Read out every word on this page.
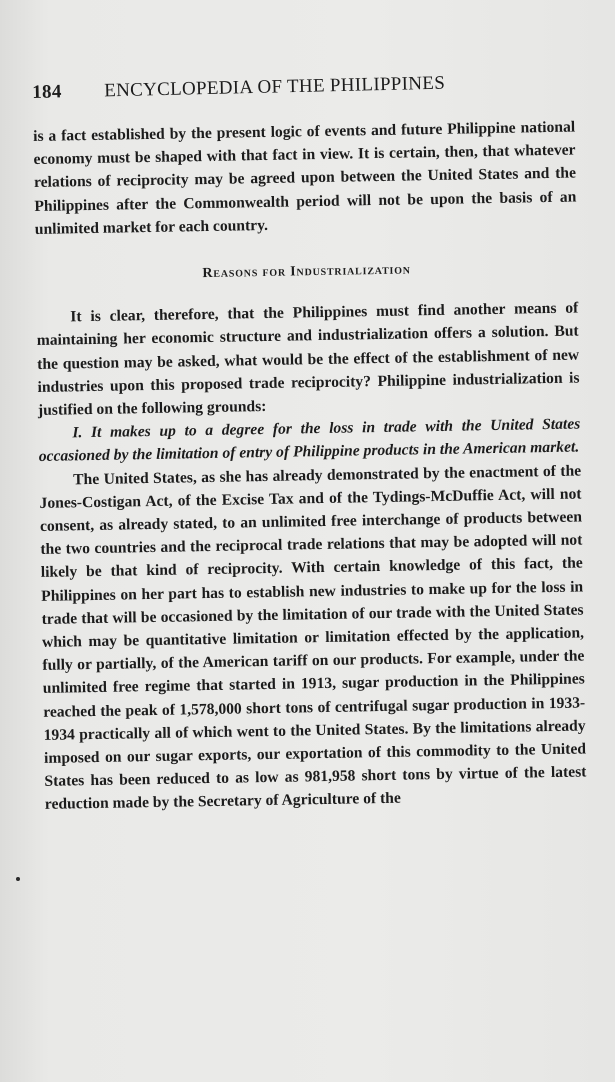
184 ENCYCLOPEDIA OF THE PHILIPPINES

is a fact established by the present logic of events and future Philippine national economy must be shaped with that fact in view. It is certain, then, that whatever relations of reciprocity may be agreed upon between the United States and the Philippines after the Commonwealth period will not be upon the basis of an unlimited market for each country.

Reasons for Industrialization

It is clear, therefore, that the Philippines must find another means of maintaining her economic structure and industrialization offers a solution. But the question may be asked, what would be the effect of the establishment of new industries upon this proposed trade reciprocity? Philippine industrialization is justified on the following grounds:

I. It makes up to a degree for the loss in trade with the United States occasioned by the limitation of entry of Philippine products in the American market.

The United States, as she has already demonstrated by the enactment of the Jones-Costigan Act, of the Excise Tax and of the Tydings-McDuffie Act, will not consent, as already stated, to an unlimited free interchange of products between the two countries and the reciprocal trade relations that may be adopted will not likely be that kind of reciprocity. With certain knowledge of this fact, the Philippines on her part has to establish new industries to make up for the loss in trade that will be occasioned by the limitation of our trade with the United States which may be quantitative limitation or limitation effected by the application, fully or partially, of the American tariff on our products. For example, under the unlimited free regime that started in 1913, sugar production in the Philippines reached the peak of 1,578,000 short tons of centrifugal sugar production in 1933-1934 practically all of which went to the United States. By the limitations already imposed on our sugar exports, our exportation of this commodity to the United States has been reduced to as low as 981,958 short tons by virtue of the latest reduction made by the Secretary of Agriculture of the
